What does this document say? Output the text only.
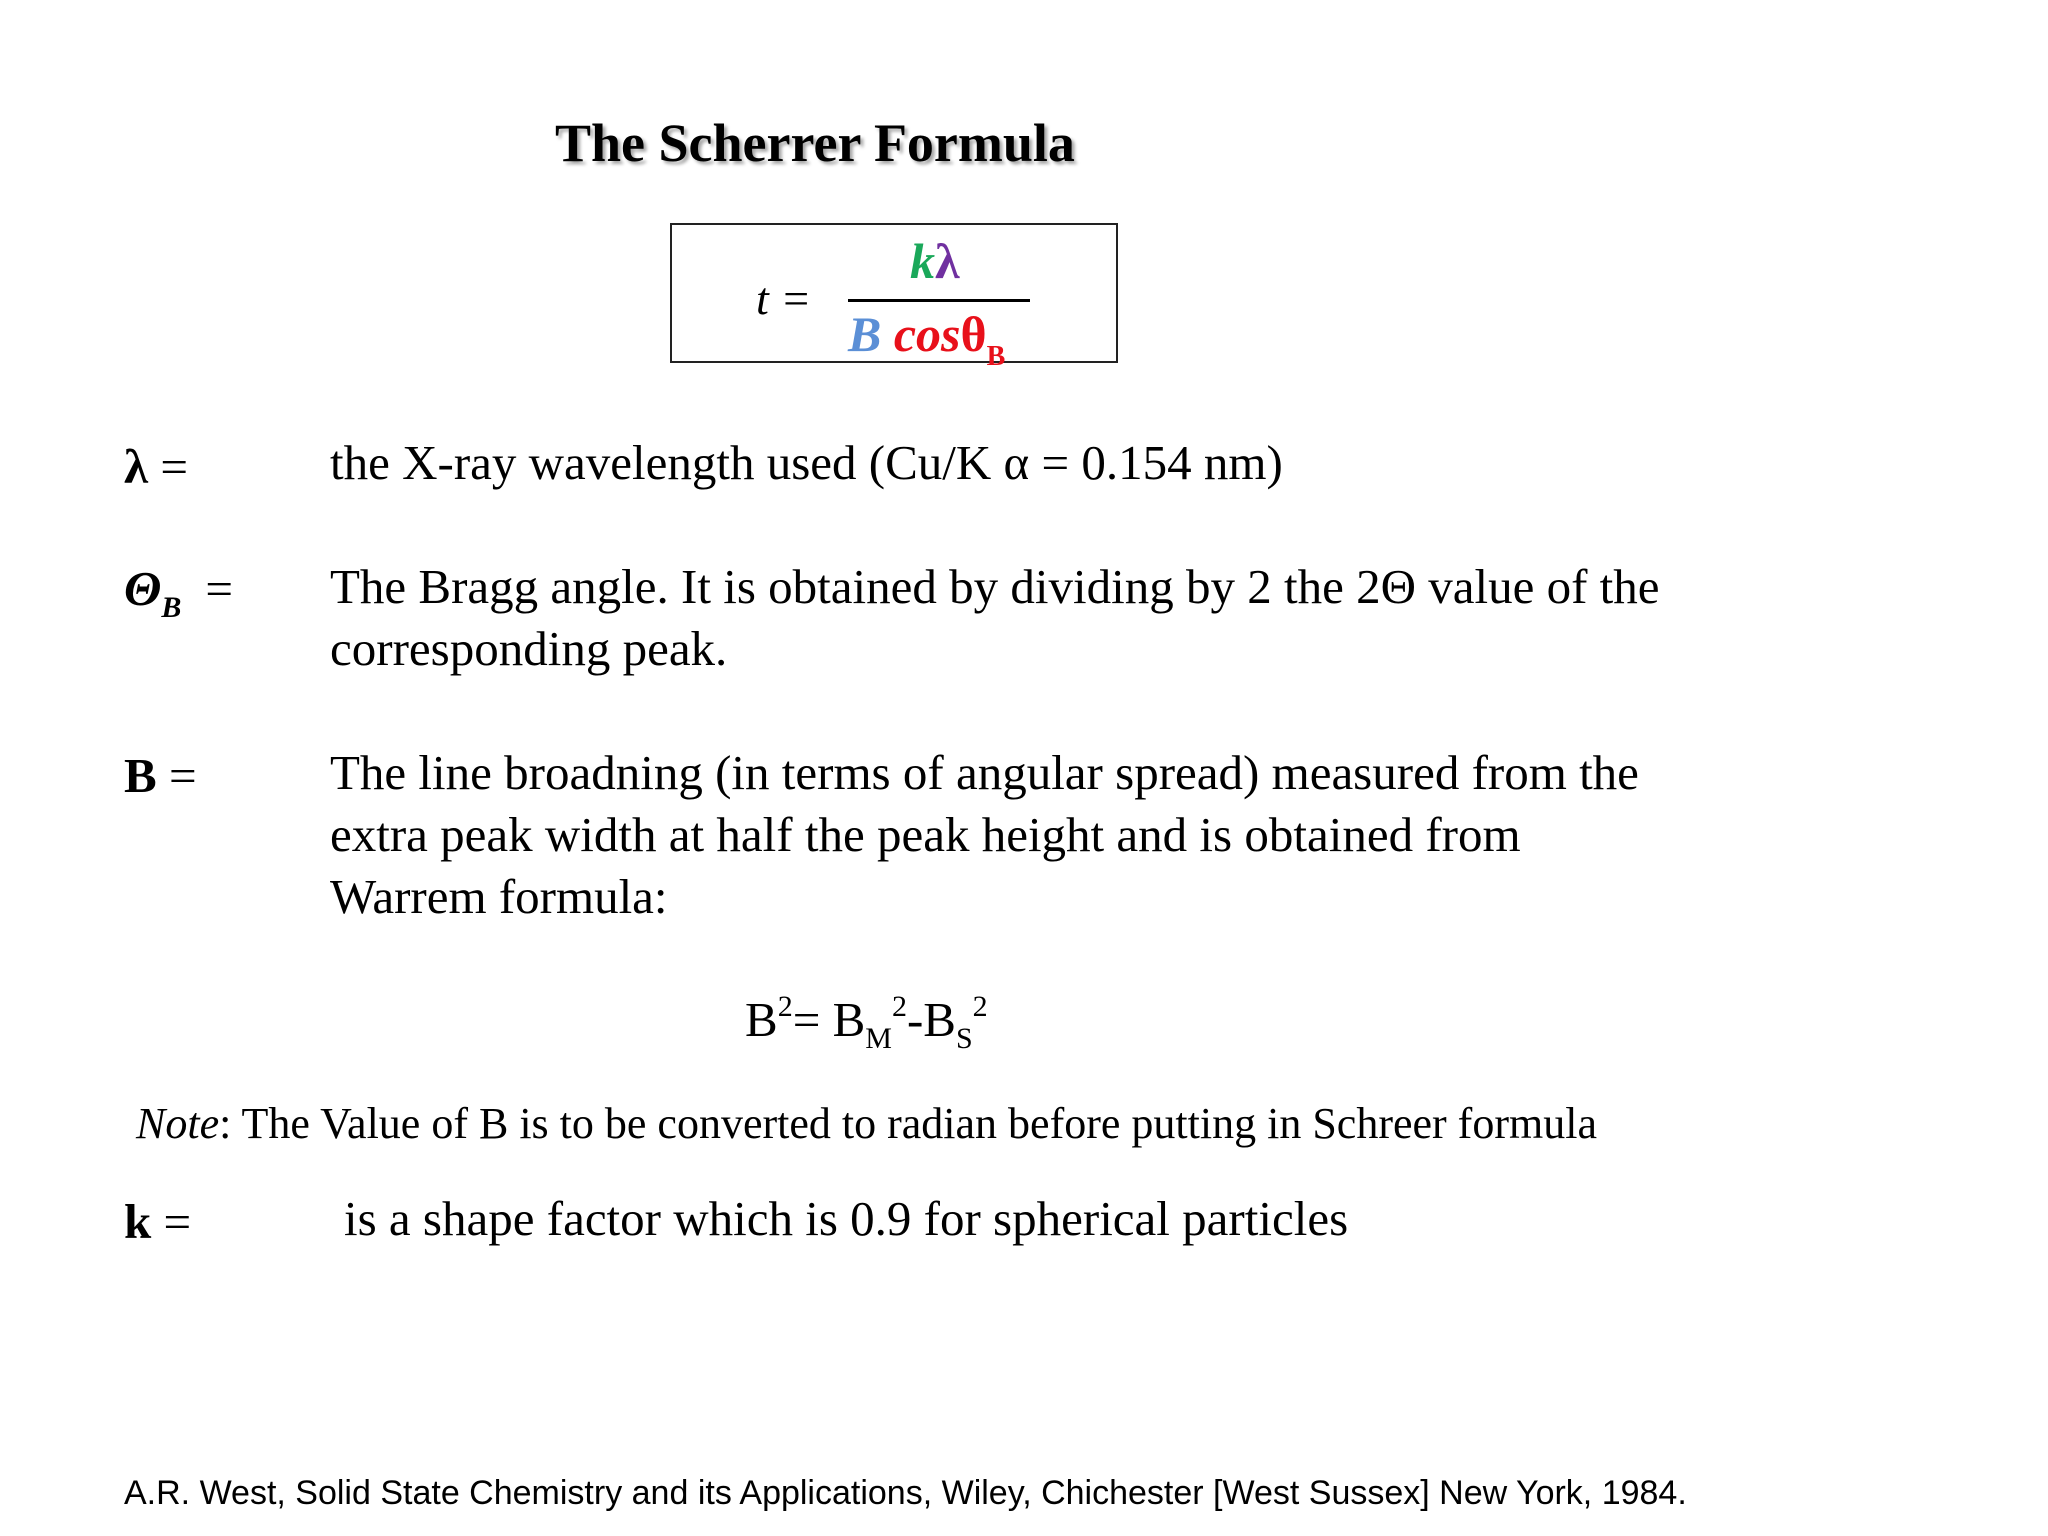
The Scherrer Formula
t =
kλ
B cosθ$_B$
λ =	the X-ray wavelength used (Cu/K α = 0.154 nm)
$\Theta_B$ = The Bragg angle. It is obtained by dividing by 2 the 2Θ value of the
corresponding peak.
B =	The line broadning (in terms of angular spread) measured from the
extra peak width at half the peak height and is obtained from
Warrem formula:
$B^2= B_M^2-B_S^2$
Note: The Value of B is to be converted to radian before putting in Schreer formula
k =	is a shape factor which is 0.9 for spherical particles
A.R. West, Solid State Chemistry and its Applications, Wiley, Chichester [West Sussex] New York, 1984.
